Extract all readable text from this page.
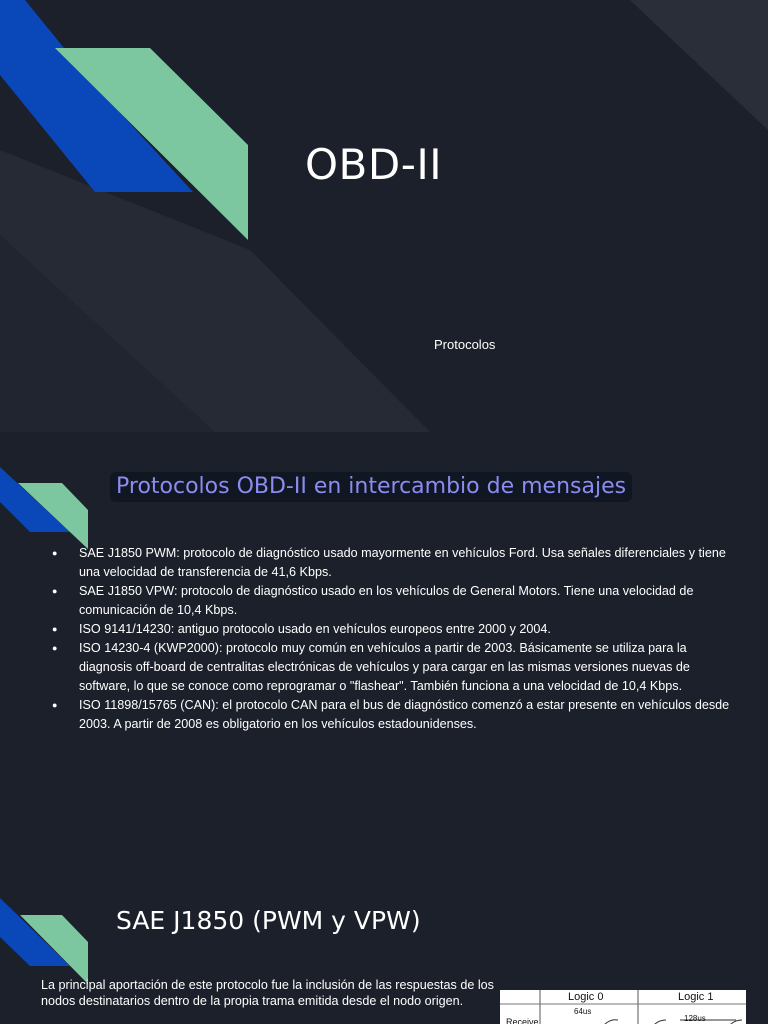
OBD-II
Protocolos
Protocolos OBD-II en intercambio de mensajes
● SAE J1850 PWM: protocolo de diagnóstico usado mayormente en vehículos Ford. Usa señales diferenciales y tiene una velocidad de transferencia de 41,6 Kbps.
● SAE J1850 VPW: protocolo de diagnóstico usado en los vehículos de General Motors. Tiene una velocidad de comunicación de 10,4 Kbps.
● ISO 9141/14230: antiguo protocolo usado en vehículos europeos entre 2000 y 2004.
● ISO 14230-4 (KWP2000): protocolo muy común en vehículos a partir de 2003. Básicamente se utiliza para la diagnosis off-board de centralitas electrónicas de vehículos y para cargar en las mismas versiones nuevas de software, lo que se conoce como reprogramar o "flashear". También funciona a una velocidad de 10,4 Kbps.
● ISO 11898/15765 (CAN): el protocolo CAN para el bus de diagnóstico comenzó a estar presente en vehículos desde 2003. A partir de 2008 es obligatorio en los vehículos estadounidenses.
SAE J1850 (PWM y VPW)
La principal aportación de este protocolo fue la inclusión de las respuestas de los nodos destinatarios dentro de la propia trama emitida desde el nodo origen.	Logic 0	Logic 1
64us
128us
Receive
